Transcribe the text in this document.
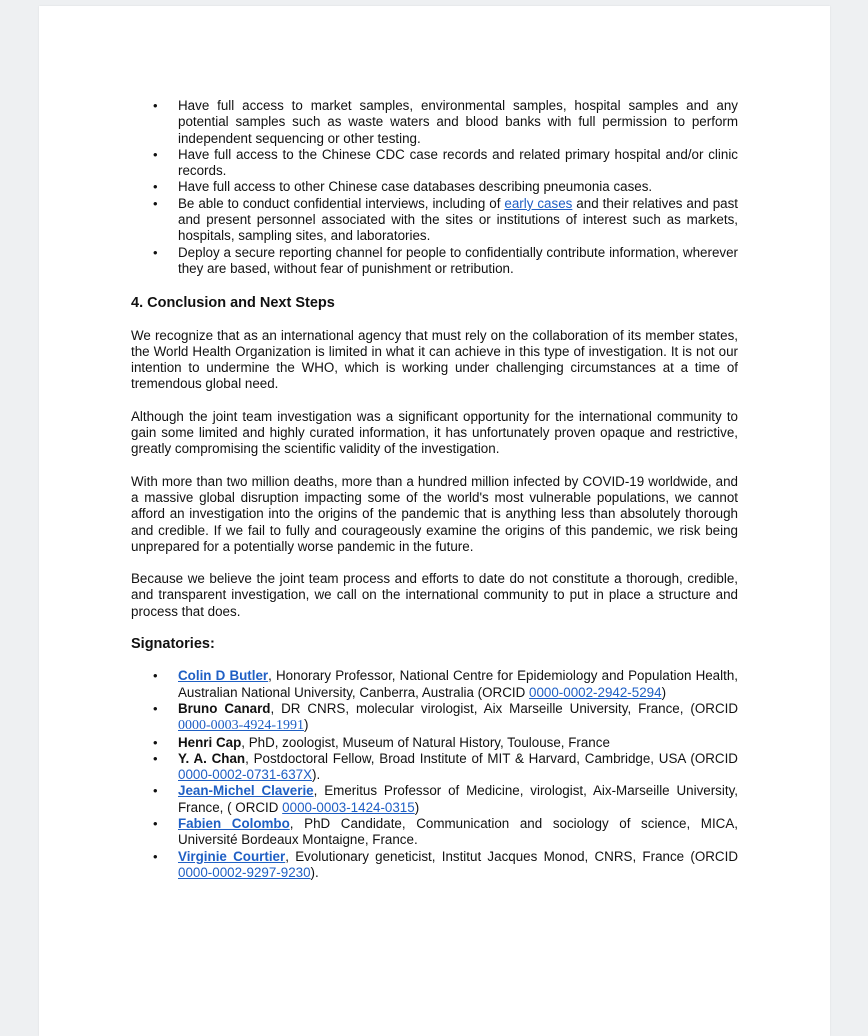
• Have full access to market samples, environmental samples, hospital samples and any potential samples such as waste waters and blood banks with full permission to perform independent sequencing or other testing.
• Have full access to the Chinese CDC case records and related primary hospital and/or clinic records.
• Have full access to other Chinese case databases describing pneumonia cases.
• Be able to conduct confidential interviews, including of early cases and their relatives and past and present personnel associated with the sites or institutions of interest such as markets, hospitals, sampling sites, and laboratories.
• Deploy a secure reporting channel for people to confidentially contribute information, wherever they are based, without fear of punishment or retribution.
4. Conclusion and Next Steps

We recognize that as an international agency that must rely on the collaboration of its member states, the World Health Organization is limited in what it can achieve in this type of investigation. It is not our intention to undermine the WHO, which is working under challenging circumstances at a time of tremendous global need.

Although the joint team investigation was a significant opportunity for the international community to gain some limited and highly curated information, it has unfortunately proven opaque and restrictive, greatly compromising the scientific validity of the investigation.

With more than two million deaths, more than a hundred million infected by COVID-19 worldwide, and a massive global disruption impacting some of the world's most vulnerable populations, we cannot afford an investigation into the origins of the pandemic that is anything less than absolutely thorough and credible. If we fail to fully and courageously examine the origins of this pandemic, we risk being unprepared for a potentially worse pandemic in the future.

Because we believe the joint team process and efforts to date do not constitute a thorough, credible, and transparent investigation, we call on the international community to put in place a structure and process that does.

Signatories:
• Colin D Butler, Honorary Professor, National Centre for Epidemiology and Population Health, Australian National University, Canberra, Australia (ORCID 0000-0002-2942-5294)
• Bruno Canard, DR CNRS, molecular virologist, Aix Marseille University, France, (ORCID 0000-0003-4924-1991)
• Henri Cap, PhD, zoologist, Museum of Natural History, Toulouse, France
• Y. A. Chan, Postdoctoral Fellow, Broad Institute of MIT & Harvard, Cambridge, USA (ORCID 0000-0002-0731-637X).
• Jean-Michel Claverie, Emeritus Professor of Medicine, virologist, Aix-Marseille University, France, ( ORCID 0000-0003-1424-0315)
• Fabien Colombo, PhD Candidate, Communication and sociology of science, MICA, Université Bordeaux Montaigne, France.
• Virginie Courtier, Evolutionary geneticist, Institut Jacques Monod, CNRS, France (ORCID 0000-0002-9297-9230).
